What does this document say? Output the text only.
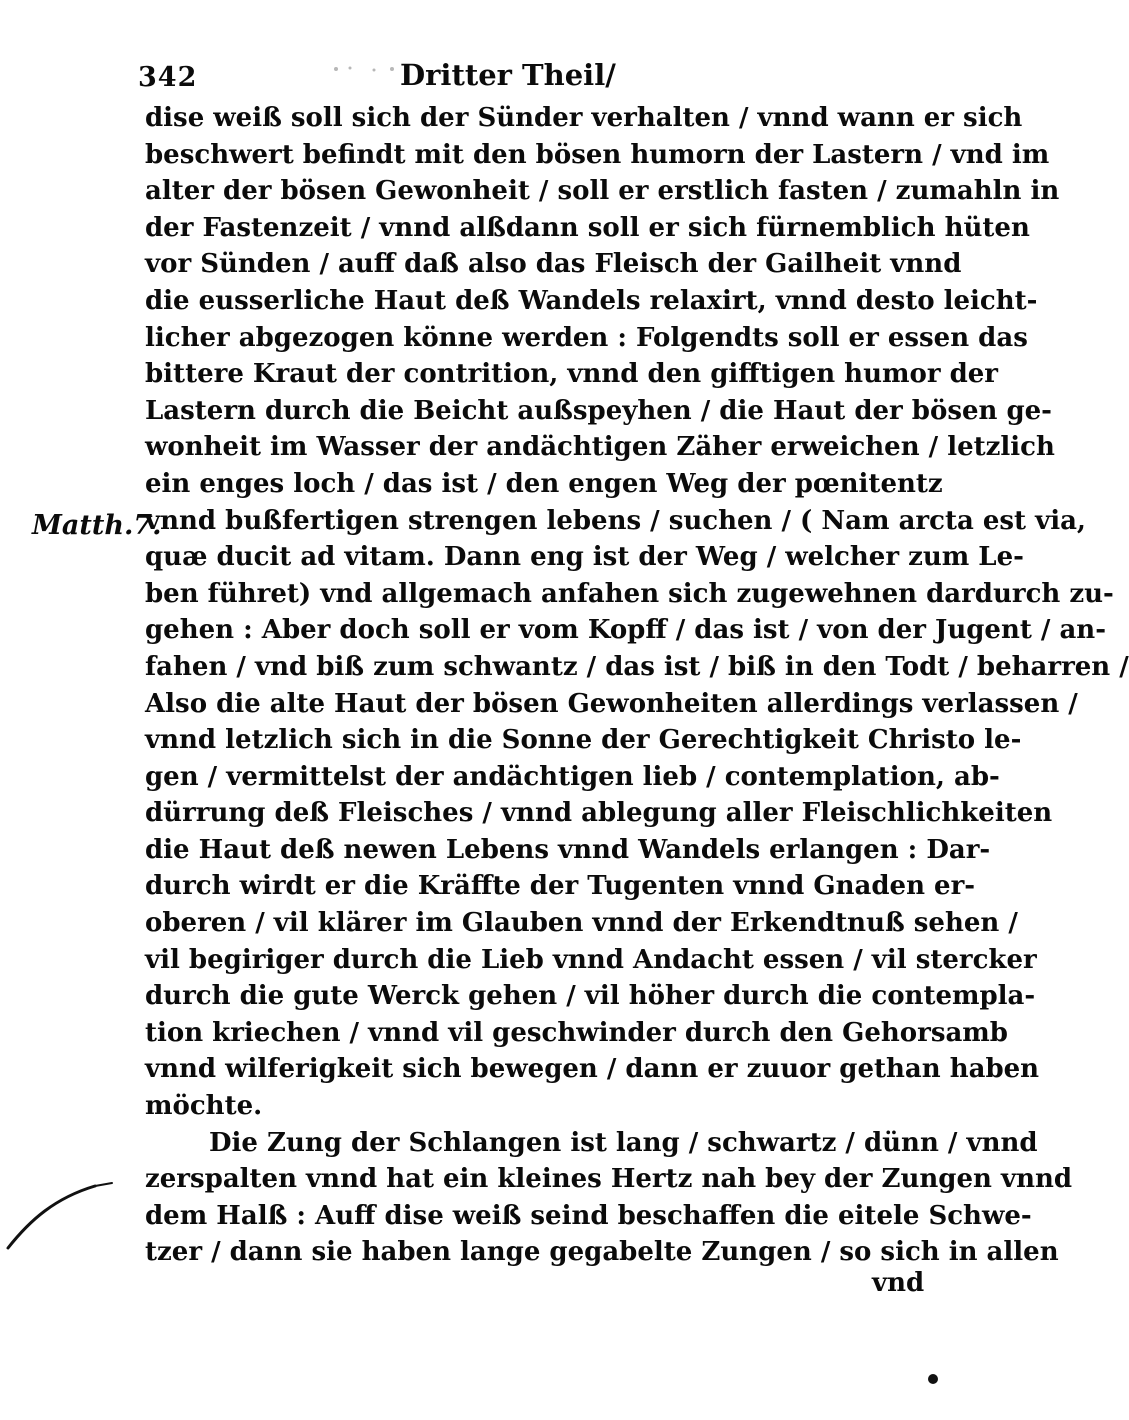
342	Dritter Theil/
Matth.7.
dise weiß soll sich der Sünder verhalten / vnnd wann er sich
beschwert befindt mit den bösen humorn der Lastern / vnd im
alter der bösen Gewonheit / soll er erstlich fasten / zumahln in
der Fastenzeit / vnnd alßdann soll er sich fürnemblich hüten
vor Sünden / auff daß also das Fleisch der Gailheit vnnd
die eusserliche Haut deß Wandels relaxirt, vnnd desto leicht-
licher abgezogen könne werden : Folgendts soll er essen das
bittere Kraut der contrition, vnnd den gifftigen humor der
Lastern durch die Beicht außspeyhen / die Haut der bösen ge-
wonheit im Wasser der andächtigen Zäher erweichen / letzlich
ein enges loch / das ist / den engen Weg der pœnitentz
vnnd bußfertigen strengen lebens / suchen / ( Nam arcta est via,
quæ ducit ad vitam. Dann eng ist der Weg / welcher zum Le-
ben führet) vnd allgemach anfahen sich zugewehnen dardurch zu-
gehen : Aber doch soll er vom Kopff / das ist / von der Jugent / an-
fahen / vnd biß zum schwantz / das ist / biß in den Todt / beharren /
Also die alte Haut der bösen Gewonheiten allerdings verlassen /
vnnd letzlich sich in die Sonne der Gerechtigkeit Christo le-
gen / vermittelst der andächtigen lieb / contemplation, ab-
dürrung deß Fleisches / vnnd ablegung aller Fleischlichkeiten
die Haut deß newen Lebens vnnd Wandels erlangen : Dar-
durch wirdt er die Kräffte der Tugenten vnnd Gnaden er-
oberen / vil klärer im Glauben vnnd der Erkendtnuß sehen /
vil begiriger durch die Lieb vnnd Andacht essen / vil stercker
durch die gute Werck gehen / vil höher durch die contempla-
tion kriechen / vnnd vil geschwinder durch den Gehorsamb
vnnd wilferigkeit sich bewegen / dann er zuuor gethan haben
möchte.
Die Zung der Schlangen ist lang / schwartz / dünn / vnnd
zerspalten vnnd hat ein kleines Hertz nah bey der Zungen vnnd
dem Halß : Auff dise weiß seind beschaffen die eitele Schwe-
tzer / dann sie haben lange gegabelte Zungen / so sich in allen
vnd
